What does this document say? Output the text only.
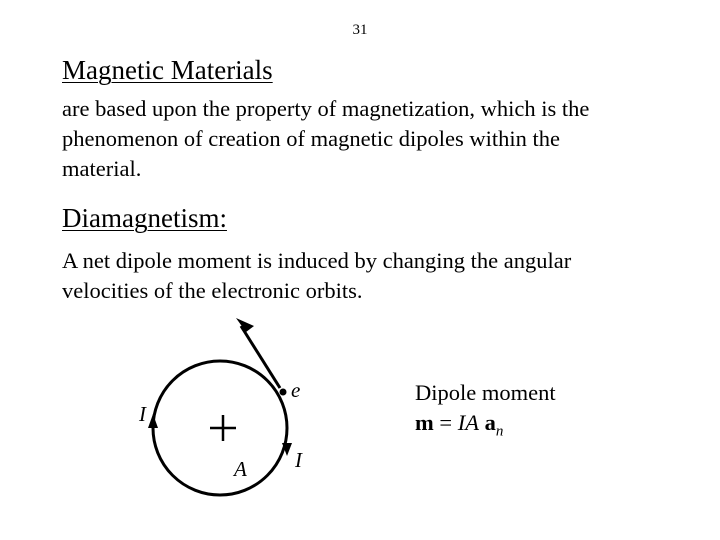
31
Magnetic Materials
are based upon the property of magnetization, which is the
phenomenon of creation of magnetic dipoles within the
material.
Diamagnetism:
A net dipole moment is induced by changing the angular
velocities of the electronic orbits.
I
I
e
A
Dipole moment
m = IA $a_n$
